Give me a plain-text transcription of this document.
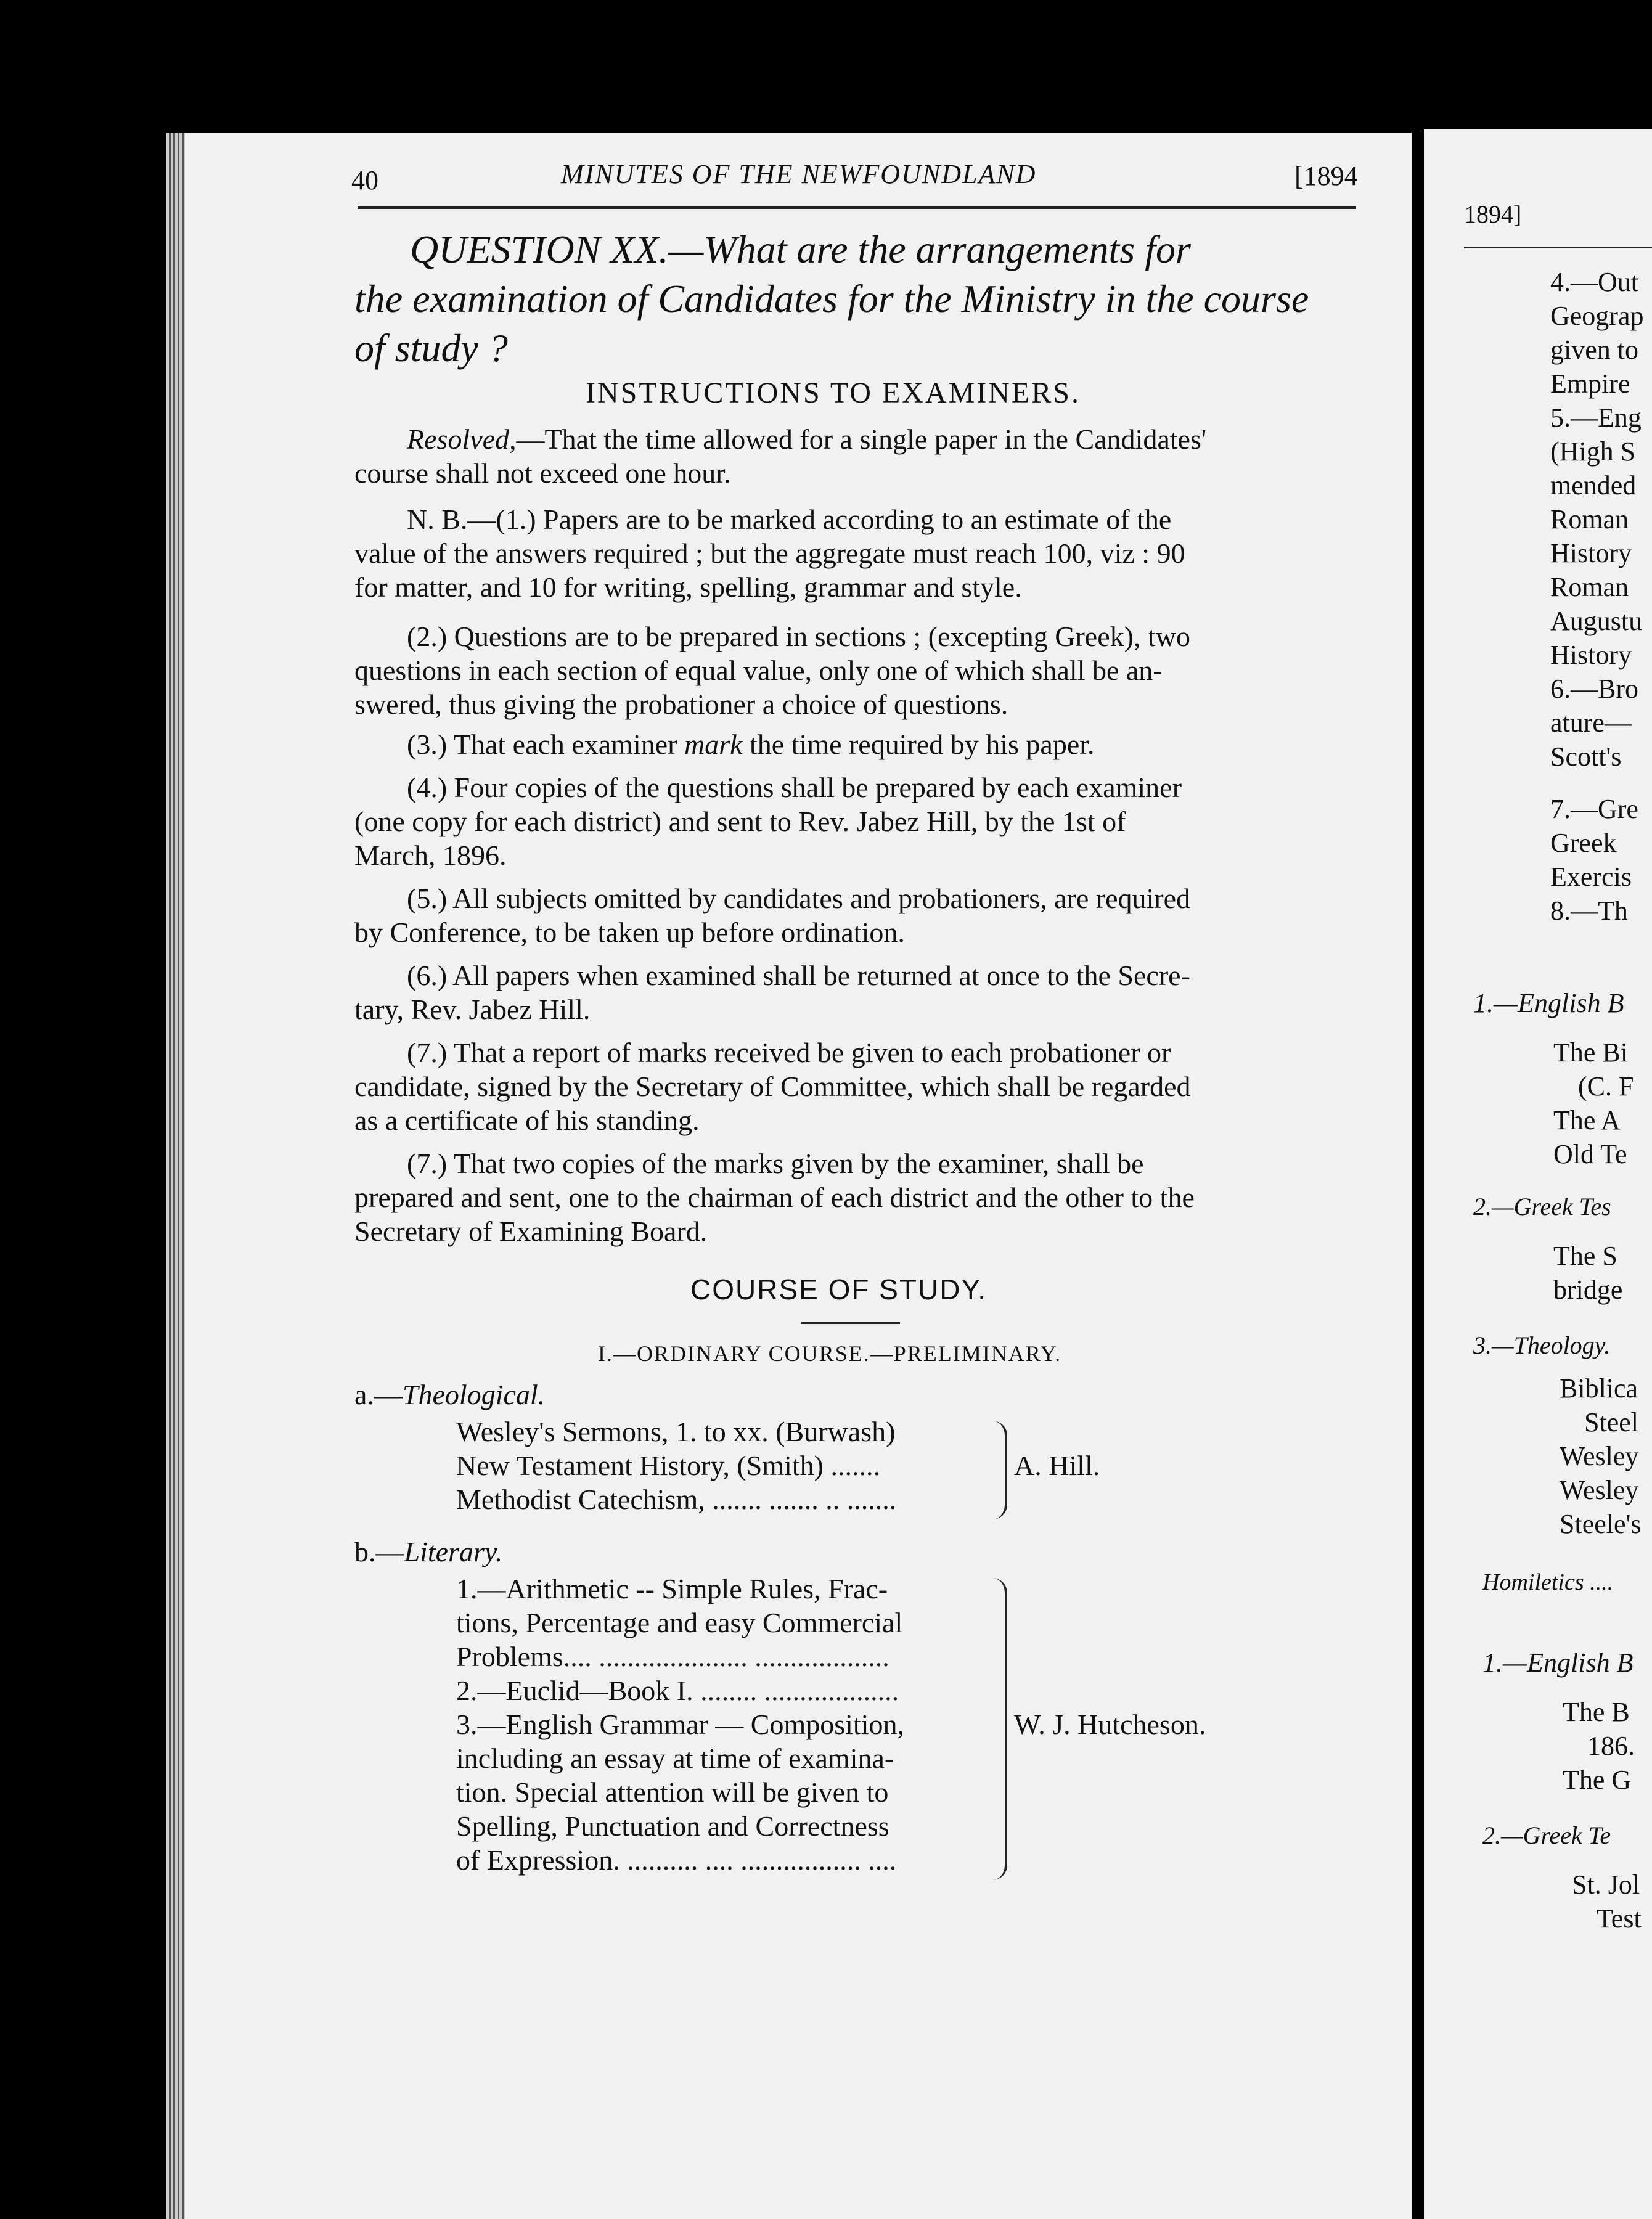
40	MINUTES OF THE NEWFOUNDLAND	[1894
QUESTION XX.—What are the arrangements for
the examination of Candidates for the Ministry in the course
of study ?
INSTRUCTIONS TO EXAMINERS.
Resolved,—That the time allowed for a single paper in the Candidates'
course shall not exceed one hour.
N. B.—(1.) Papers are to be marked according to an estimate of the
value of the answers required ; but the aggregate must reach 100, viz : 90
for matter, and 10 for writing, spelling, grammar and style.
(2.) Questions are to be prepared in sections ; (excepting Greek), two
questions in each section of equal value, only one of which shall be an-
swered, thus giving the probationer a choice of questions.
(3.) That each examiner mark the time required by his paper.
(4.) Four copies of the questions shall be prepared by each examiner
(one copy for each district) and sent to Rev. Jabez Hill, by the 1st of
March, 1896.
(5.) All subjects omitted by candidates and probationers, are required
by Conference, to be taken up before ordination.
(6.) All papers when examined shall be returned at once to the Secre-
tary, Rev. Jabez Hill.
(7.) That a report of marks received be given to each probationer or
candidate, signed by the Secretary of Committee, which shall be regarded
as a certificate of his standing.
(7.) That two copies of the marks given by the examiner, shall be
prepared and sent, one to the chairman of each district and the other to the
Secretary of Examining Board.
COURSE OF STUDY.
I.—ORDINARY COURSE.—PRELIMINARY.
a.—Theological.
Wesley's Sermons, 1. to xx. (Burwash)
New Testament History, (Smith) .......
Methodist Catechism, ....... ....... .. .......
A. Hill.
b.—Literary.
1.—Arithmetic -- Simple Rules, Frac-
tions, Percentage and easy Commercial
Problems.... ..................... ...................
2.—Euclid—Book I. ........ ...................
3.—English Grammar — Composition,
including an essay at time of examina-
tion. Special attention will be given to
Spelling, Punctuation and Correctness
of Expression. .......... .... ................. ....
W. J. Hutcheson.
1894]
4.—Out
Geograp
given to
Empire
5.—Eng
(High S
mended
Roman
History
Roman
Augustu
History
6.—Bro
ature—
Scott's
7.—Gre
Greek
Exercis
8.—Th
1.—English B
The Bi
(C. F
The A
Old Te
2.—Greek Tes
The S
bridge
3.—Theology.
Biblica
Steel
Wesley
Wesley
Steele's
Homiletics ....
1.—English B
The B
186.
The G
2.—Greek Te
St. Jol
Test
